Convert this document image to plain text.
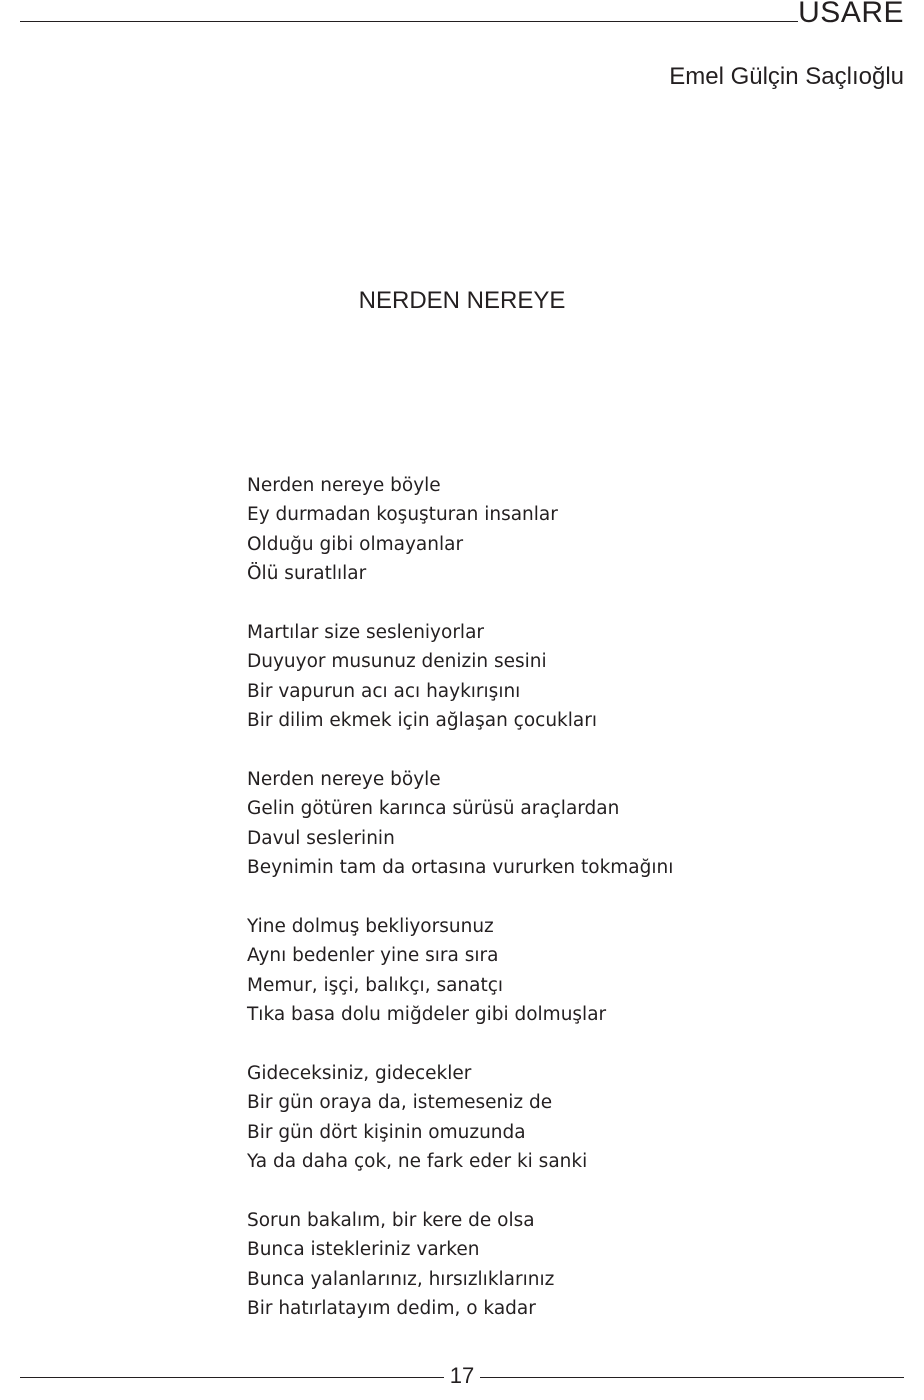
USARE
Emel Gülçin Saçlıoğlu
NERDEN NEREYE
Nerden nereye böyle
Ey durmadan koşuşturan insanlar
Olduğu gibi olmayanlar
Ölü suratlılar
Martılar size sesleniyorlar
Duyuyor musunuz denizin sesini
Bir vapurun acı acı haykırışını
Bir dilim ekmek için ağlaşan çocukları
Nerden nereye böyle
Gelin götüren karınca sürüsü araçlardan
Davul seslerinin
Beynimin tam da ortasına vururken tokmağını
Yine dolmuş bekliyorsunuz
Aynı bedenler yine sıra sıra
Memur, işçi, balıkçı, sanatçı
Tıka basa dolu miğdeler gibi dolmuşlar
Gideceksiniz, gidecekler
Bir gün oraya da, istemeseniz de
Bir gün dört kişinin omuzunda
Ya da daha çok, ne fark eder ki sanki
Sorun bakalım, bir kere de olsa
Bunca istekleriniz varken
Bunca yalanlarınız, hırsızlıklarınız
Bir hatırlatayım dedim, o kadar
17
